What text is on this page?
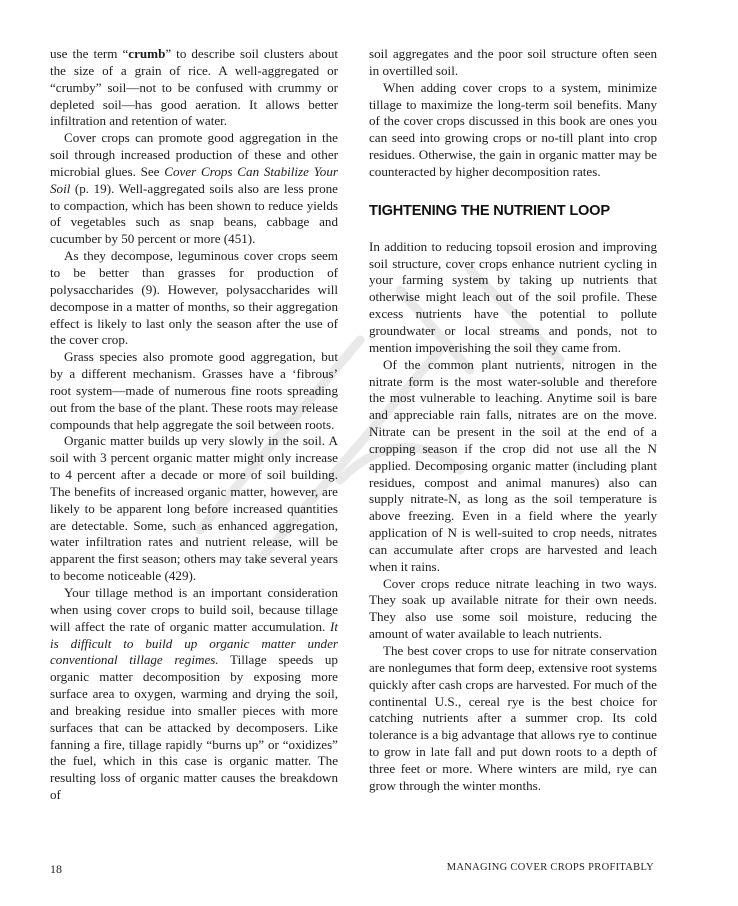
use the term “crumb” to describe soil clusters about the size of a grain of rice. A well-aggregated or “crumby” soil—not to be confused with crummy or depleted soil—has good aeration. It allows better infiltration and retention of water.

Cover crops can promote good aggregation in the soil through increased production of these and other microbial glues. See Cover Crops Can Stabilize Your Soil (p. 19). Well-aggregated soils also are less prone to compaction, which has been shown to reduce yields of vegetables such as snap beans, cabbage and cucumber by 50 percent or more (451).

As they decompose, leguminous cover crops seem to be better than grasses for production of polysaccharides (9). However, polysaccharides will decompose in a matter of months, so their aggregation effect is likely to last only the season after the use of the cover crop.

Grass species also promote good aggregation, but by a different mechanism. Grasses have a ‘fibrous’ root system—made of numerous fine roots spreading out from the base of the plant. These roots may release compounds that help aggregate the soil between roots.

Organic matter builds up very slowly in the soil. A soil with 3 percent organic matter might only increase to 4 percent after a decade or more of soil building. The benefits of increased organic matter, however, are likely to be apparent long before increased quantities are detectable. Some, such as enhanced aggregation, water infiltration rates and nutrient release, will be apparent the first season; others may take several years to become noticeable (429).

Your tillage method is an important consideration when using cover crops to build soil, because tillage will affect the rate of organic matter accumulation. It is difficult to build up organic matter under conventional tillage regimes. Tillage speeds up organic matter decomposition by exposing more surface area to oxygen, warming and drying the soil, and breaking residue into smaller pieces with more surfaces that can be attacked by decomposers. Like fanning a fire, tillage rapidly “burns up” or “oxidizes” the fuel, which in this case is organic matter. The resulting loss of organic matter causes the breakdown of

soil aggregates and the poor soil structure often seen in overtilled soil.

When adding cover crops to a system, minimize tillage to maximize the long-term soil benefits. Many of the cover crops discussed in this book are ones you can seed into growing crops or no-till plant into crop residues. Otherwise, the gain in organic matter may be counteracted by higher decomposition rates.

TIGHTENING THE NUTRIENT LOOP

In addition to reducing topsoil erosion and improving soil structure, cover crops enhance nutrient cycling in your farming system by taking up nutrients that otherwise might leach out of the soil profile. These excess nutrients have the potential to pollute groundwater or local streams and ponds, not to mention impoverishing the soil they came from.

Of the common plant nutrients, nitrogen in the nitrate form is the most water-soluble and therefore the most vulnerable to leaching. Anytime soil is bare and appreciable rain falls, nitrates are on the move. Nitrate can be present in the soil at the end of a cropping season if the crop did not use all the N applied. Decomposing organic matter (including plant residues, compost and animal manures) also can supply nitrate-N, as long as the soil temperature is above freezing. Even in a field where the yearly application of N is well-suited to crop needs, nitrates can accumulate after crops are harvested and leach when it rains.

Cover crops reduce nitrate leaching in two ways. They soak up available nitrate for their own needs. They also use some soil moisture, reducing the amount of water available to leach nutrients.

The best cover crops to use for nitrate conservation are nonlegumes that form deep, extensive root systems quickly after cash crops are harvested. For much of the continental U.S., cereal rye is the best choice for catching nutrients after a summer crop. Its cold tolerance is a big advantage that allows rye to continue to grow in late fall and put down roots to a depth of three feet or more. Where winters are mild, rye can grow through the winter months.

18	MANAGING COVER CROPS PROFITABLY
